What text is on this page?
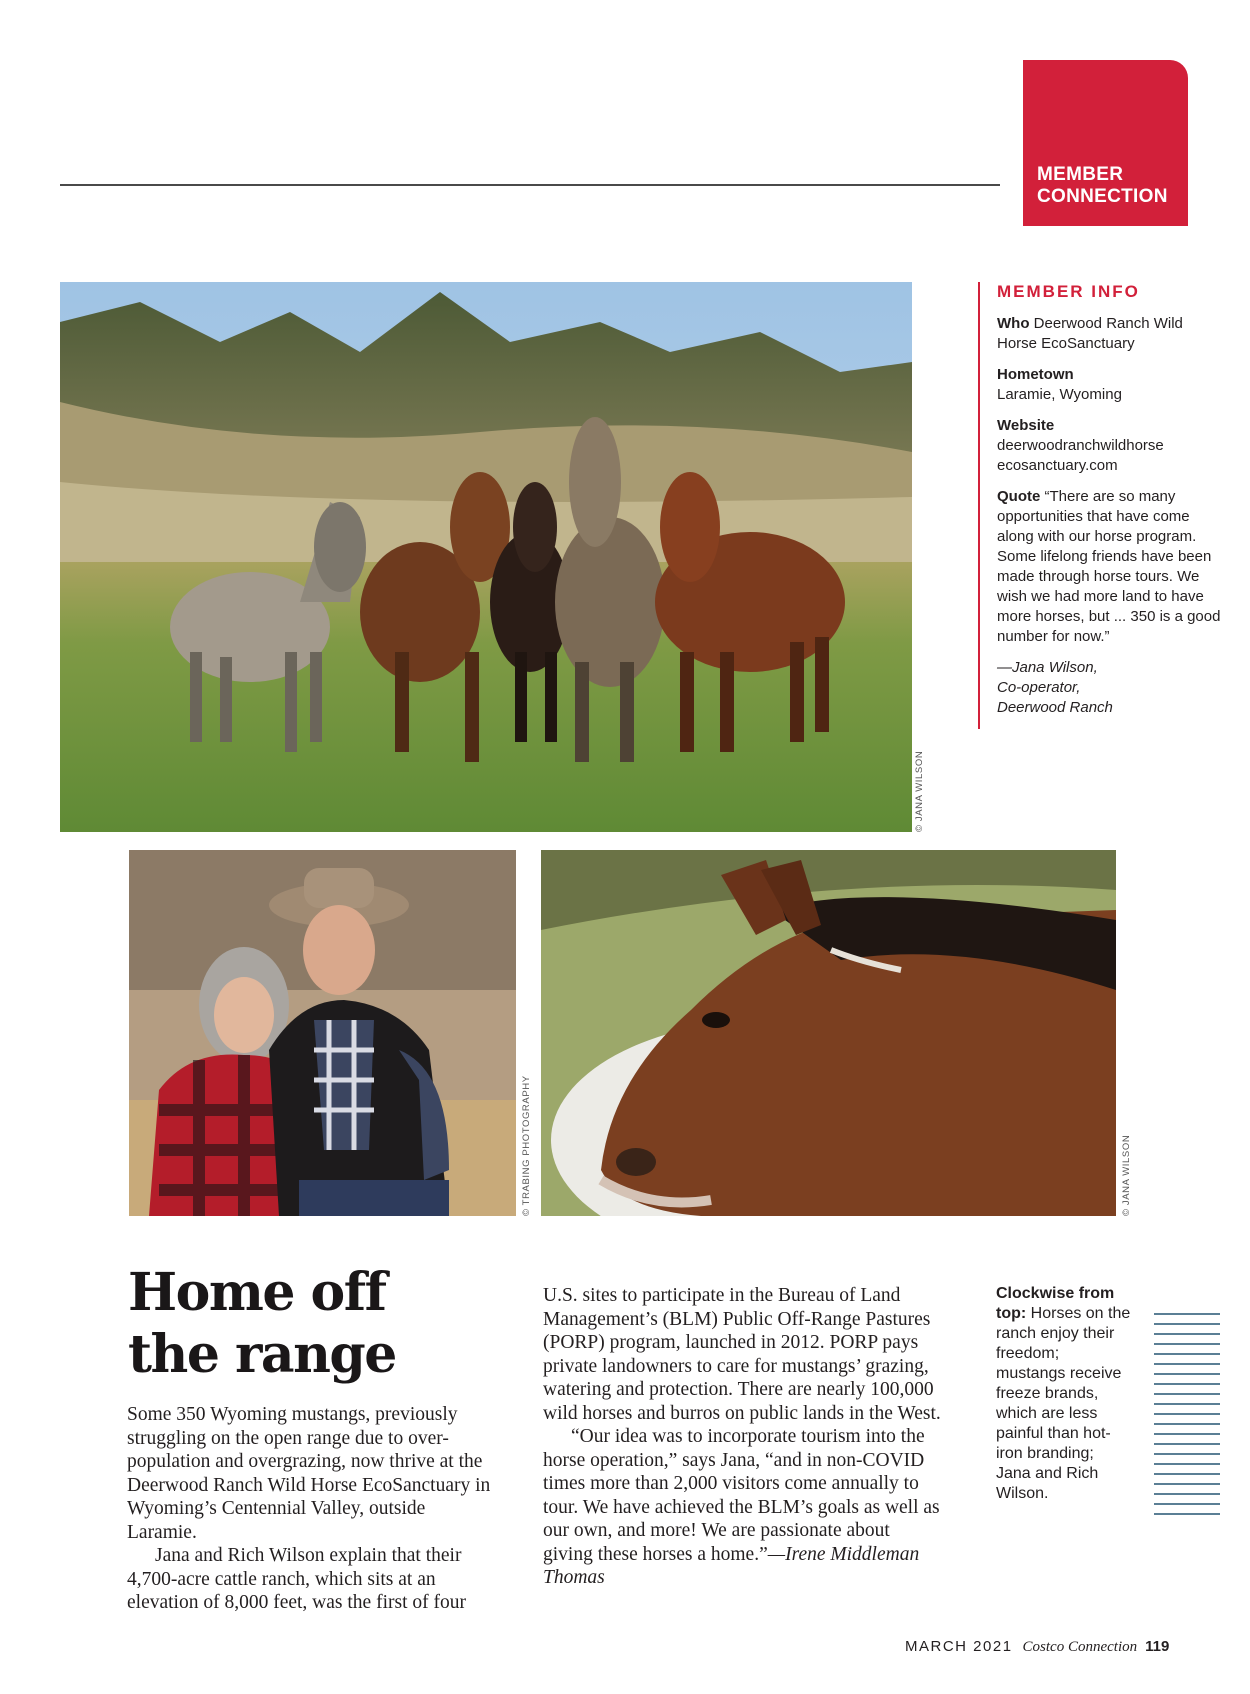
MEMBER
CONNECTION
© JANA WILSON
© TRABING PHOTOGRAPHY	© JANA WILSON
MEMBER INFO

Who Deerwood Ranch Wild Horse EcoSanctuary

Hometown
Laramie, Wyoming

Website
deerwoodranchwildhorse ecosanctuary.com

Quote “There are so many opportunities that have come along with our horse program. Some lifelong friends have been made through horse tours. We wish we had more land to have more horses, but ... 350 is a good number for now.”

—Jana Wilson,
Co-operator,
Deerwood Ranch

Home off
the range

Some 350 Wyoming mustangs, previously struggling on the open range due to over-population and overgrazing, now thrive at the Deerwood Ranch Wild Horse EcoSanctuary in Wyoming’s Centennial Valley, outside Laramie.

Jana and Rich Wilson explain that their 4,700-acre cattle ranch, which sits at an elevation of 8,000 feet, was the first of four

U.S. sites to participate in the Bureau of Land Management’s (BLM) Public Off-Range Pastures (PORP) program, launched in 2012. PORP pays private landowners to care for mustangs’ grazing, watering and protection. There are nearly 100,000 wild horses and burros on public lands in the West.

“Our idea was to incorporate tourism into the horse operation,” says Jana, “and in non-COVID times more than 2,000 visitors come annually to tour. We have achieved the BLM’s goals as well as our own, and more! We are passionate about giving these horses a home.”—Irene Middleman Thomas

Clockwise from top: Horses on the ranch enjoy their freedom; mustangs receive freeze brands, which are less painful than hot-iron branding; Jana and Rich Wilson.
MARCH 2021 Costco Connection 119
